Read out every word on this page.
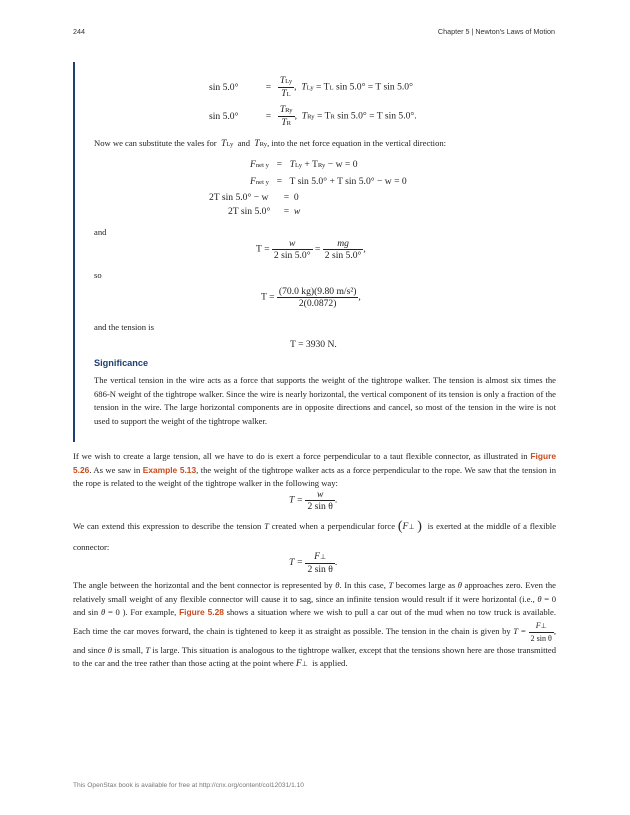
244	Chapter 5 | Newton's Laws of Motion
sin 5.0°	= $\frac{\text{TLy}}{TL}$ ,  TLy = TL sin 5.0° = T sin 5.0°
sin 5.0°	= $\frac{\text{TRy}}{TR}$ ,  TRy = TR sin 5.0° = T sin 5.0°.
Now we can substitute the vales for TLy and TRy, into the net force equation in the vertical direction:
Fnet y = TLy + TRy − w = 0
Fnet y = T sin 5.0° + T sin 5.0° − w = 0
2T sin 5.0° − w = 0
2T sin 5.0° = w
and
$T = \frac{w}{2 \sin 5.0^\circ} = \frac{mg}{2 \sin 5.0^\circ}$ ,
so
$T = \frac{\text{(70.0 kg)(9.80 m/s²)}}{2(0.0872)}$ ,
and the tension is
T = 3930 N.
Significance
The vertical tension in the wire acts as a force that supports the weight of the tightrope walker. The tension is almost six times the 686-N weight of the tightrope walker. Since the wire is nearly horizontal, the vertical component of its tension is only a fraction of the tension in the wire. The large horizontal components are in opposite directions and cancel, so most of the tension in the wire is not used to support the weight of the tightrope walker.
If we wish to create a large tension, all we have to do is exert a force perpendicular to a taut flexible connector, as illustrated in Figure 5.26. As we saw in Example 5.13, the weight of the tightrope walker acts as a force perpendicular to the rope. We saw that the tension in the rope is related to the weight of the tightrope walker in the following way:
$T = \frac{w}{\text{2 sin θ}}$ .
We can extend this expression to describe the tension T created when a perpendicular force (F⊥ )  is exerted at the middle of a flexible connector:
$T = \frac{F\perp}{\text{2 sin θ}}$ .
The angle between the horizontal and the bent connector is represented by θ. In this case, T becomes large as θ approaches zero. Even the relatively small weight of any flexible connector will cause it to sag, since an infinite tension would result if it were horizontal (i.e., θ = 0 and sin θ = 0 ). For example, Figure 5.28 shows a situation where we wish to pull a car out of the mud when no tow truck is available. Each time the car moves forward, the chain is tightened to keep it as straight as possible. The tension in the chain is given by $T = \frac{F\perp}{\text{2 sin θ}}$ , and since θ is small, T is large. This situation is analogous to the tightrope walker, except that the tensions shown here are those transmitted to the car and the tree rather than those acting at the point where F⊥  is applied.
This OpenStax book is available for free at http://cnx.org/content/col12031/1.10
